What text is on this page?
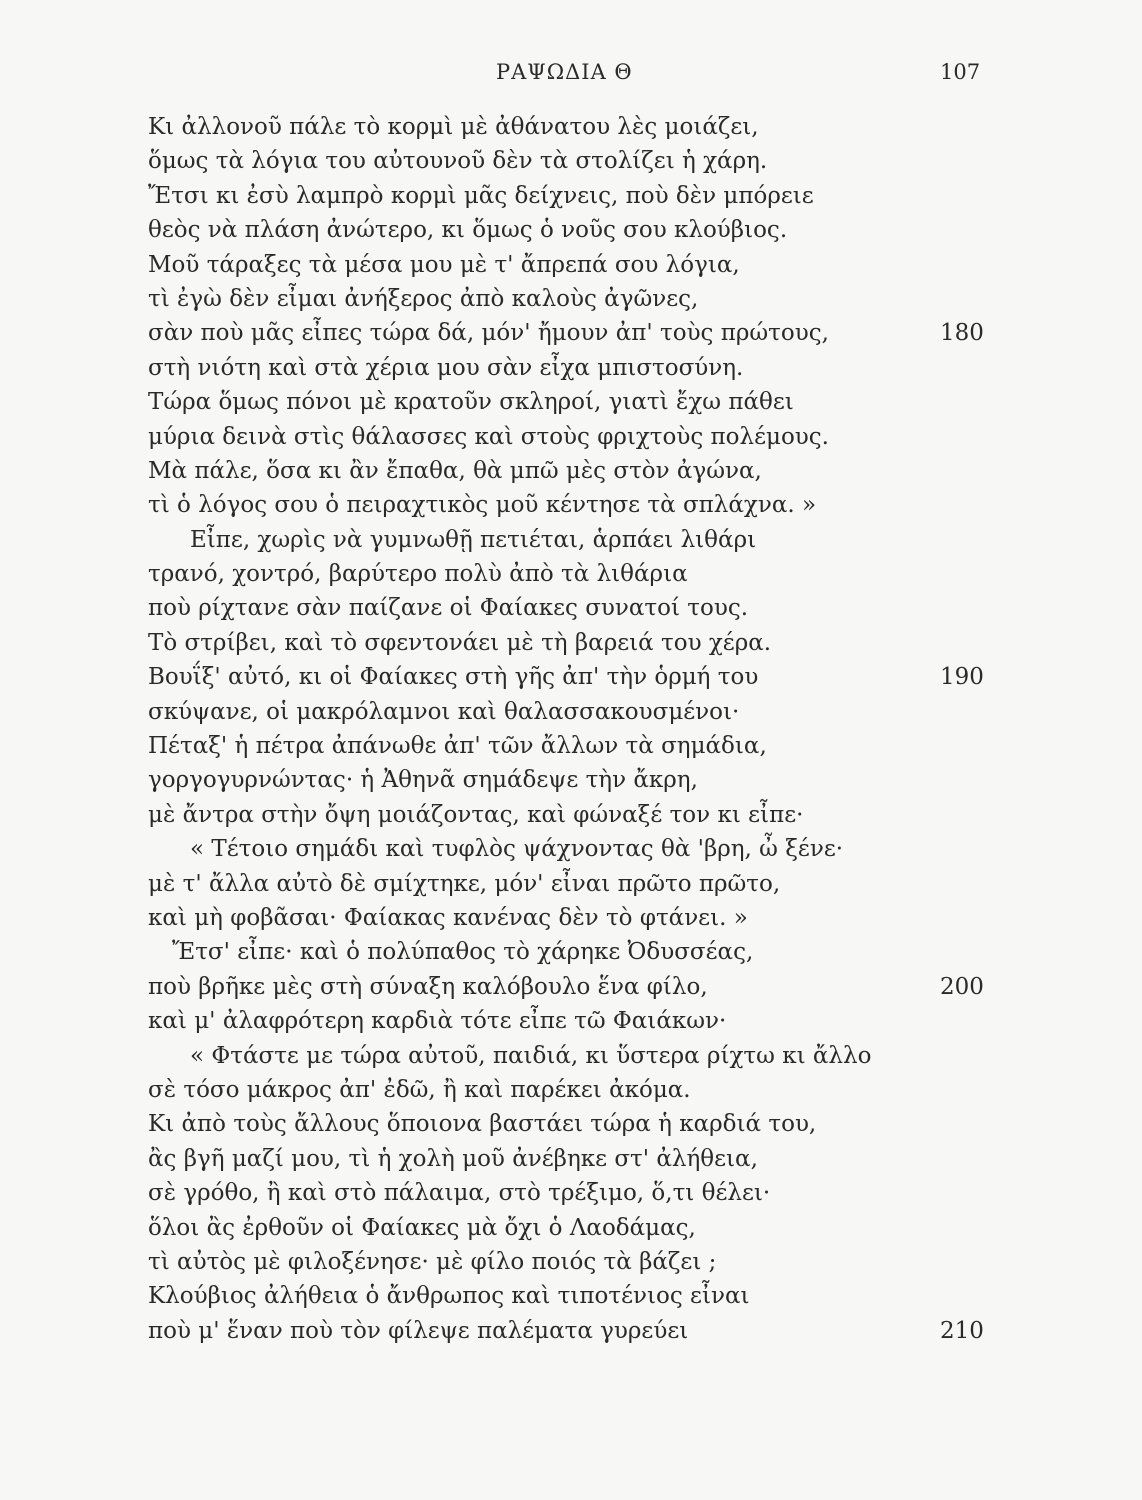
ΡΑΨΩΔΙΑ Θ	107
Κι ἀλλονοῦ πάλε τὸ κορμὶ μὲ ἀθάνατου λὲς μοιάζει,
ὅμως τὰ λόγια του αὐτουνοῦ δὲν τὰ στολίζει ἡ χάρη.
Ἔτσι κι ἐσὺ λαμπρὸ κορμὶ μᾶς δείχνεις, ποὺ δὲν μπόρειε
θεὸς νὰ πλάση ἀνώτερο, κι ὅμως ὁ νοῦς σου κλούβιος.
Μοῦ τάραξες τὰ μέσα μου μὲ τ' ἄπρεπά σου λόγια,
τὶ ἐγὼ δὲν εἶμαι ἀνήξερος ἀπὸ καλοὺς ἀγῶνες,
σὰν ποὺ μᾶς εἶπες τώρα δά, μόν' ἤμουν ἀπ' τοὺς πρώτους,	180
στὴ νιότη καὶ στὰ χέρια μου σὰν εἶχα μπιστοσύνη.
Τώρα ὅμως πόνοι μὲ κρατοῦν σκληροί, γιατὶ ἔχω πάθει
μύρια δεινὰ στὶς θάλασσες καὶ στοὺς φριχτοὺς πολέμους.
Μὰ πάλε, ὅσα κι ἂν ἔπαθα, θὰ μπῶ μὲς στὸν ἀγώνα,
τὶ ὁ λόγος σου ὁ πειραχτικὸς μοῦ κέντησε τὰ σπλάχνα. »
Εἶπε, χωρὶς νὰ γυμνωθῇ πετιέται, ἁρπάει λιθάρι
τρανό, χοντρό, βαρύτερο πολὺ ἀπὸ τὰ λιθάρια
ποὺ ρίχτανε σὰν παίζανε οἱ Φαίακες συνατοί τους.
Τὸ στρίβει, καὶ τὸ σφεντονάει μὲ τὴ βαρειά του χέρα.
Βουΐξ' αὐτό, κι οἱ Φαίακες στὴ γῆς ἀπ' τὴν ὁρμή του	190
σκύψανε, οἱ μακρόλαμνοι καὶ θαλασσακουσμένοι·
Πέταξ' ἡ πέτρα ἀπάνωθε ἀπ' τῶν ἄλλων τὰ σημάδια,
γοργογυρνώντας· ἡ Ἀθηνᾶ σημάδεψε τὴν ἄκρη,
μὲ ἄντρα στὴν ὄψη μοιάζοντας, καὶ φώναξέ τον κι εἶπε·
« Τέτοιο σημάδι καὶ τυφλὸς ψάχνοντας θὰ 'βρη, ὦ ξένε·
μὲ τ' ἄλλα αὐτὸ δὲ σμίχτηκε, μόν' εἶναι πρῶτο πρῶτο,
καὶ μὴ φοβᾶσαι· Φαίακας κανένας δὲν τὸ φτάνει. »
Ἔτσ' εἶπε· καὶ ὁ πολύπαθος τὸ χάρηκε Ὀδυσσέας,
ποὺ βρῆκε μὲς στὴ σύναξη καλόβουλο ἕνα φίλο,	200
καὶ μ' ἀλαφρότερη καρδιὰ τότε εἶπε τῶ Φαιάκων·
« Φτάστε με τώρα αὐτοῦ, παιδιά, κι ὕστερα ρίχτω κι ἄλλο
σὲ τόσο μάκρος ἀπ' ἐδῶ, ἢ καὶ παρέκει ἀκόμα.
Κι ἀπὸ τοὺς ἄλλους ὅποιονα βαστάει τώρα ἡ καρδιά του,
ἂς βγῆ μαζί μου, τὶ ἡ χολὴ μοῦ ἀνέβηκε στ' ἀλήθεια,
σὲ γρόθο, ἢ καὶ στὸ πάλαιμα, στὸ τρέξιμο, ὅ,τι θέλει·
ὅλοι ἂς ἐρθοῦν οἱ Φαίακες μὰ ὄχι ὁ Λαοδάμας,
τὶ αὐτὸς μὲ φιλοξένησε· μὲ φίλο ποιός τὰ βάζει ;
Κλούβιος ἀλήθεια ὁ ἄνθρωπος καὶ τιποτένιος εἶναι
ποὺ μ' ἕναν ποὺ τὸν φίλεψε παλέματα γυρεύει	210
